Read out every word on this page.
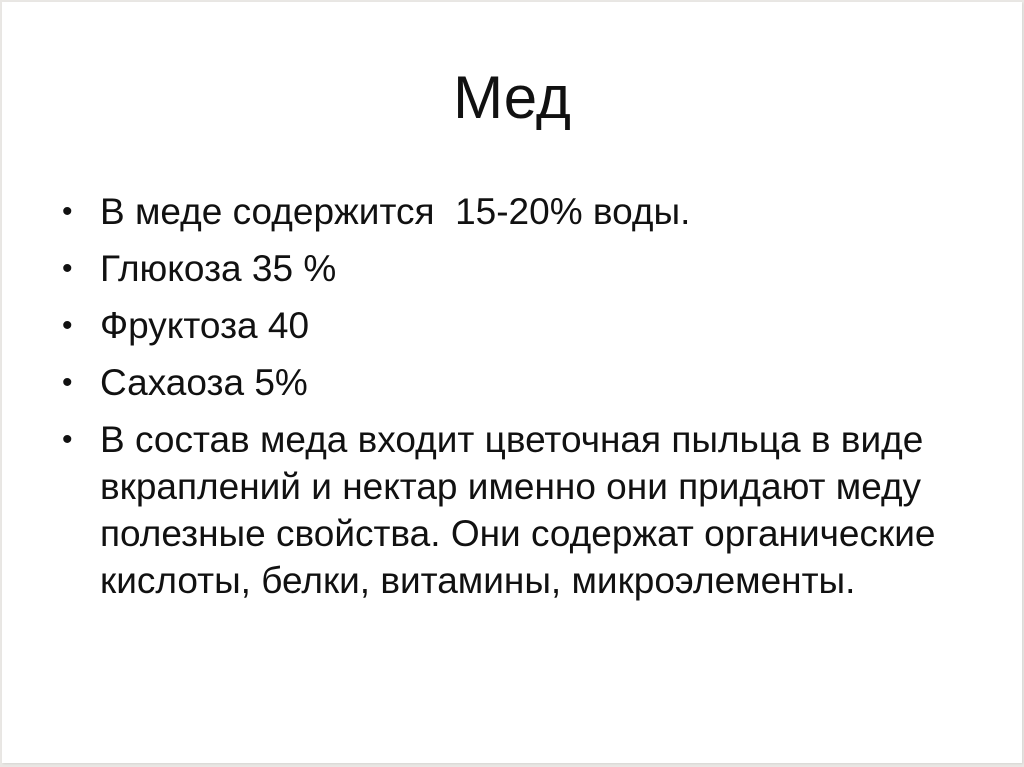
Мед
• В меде содержится  15-20% воды.
• Глюкоза 35 %
• Фруктоза 40
• Сахаоза 5%
• В состав меда входит цветочная пыльца в виде вкраплений и нектар именно они придают меду полезные свойства. Они содержат органические кислоты, белки, витамины, микроэлементы.
